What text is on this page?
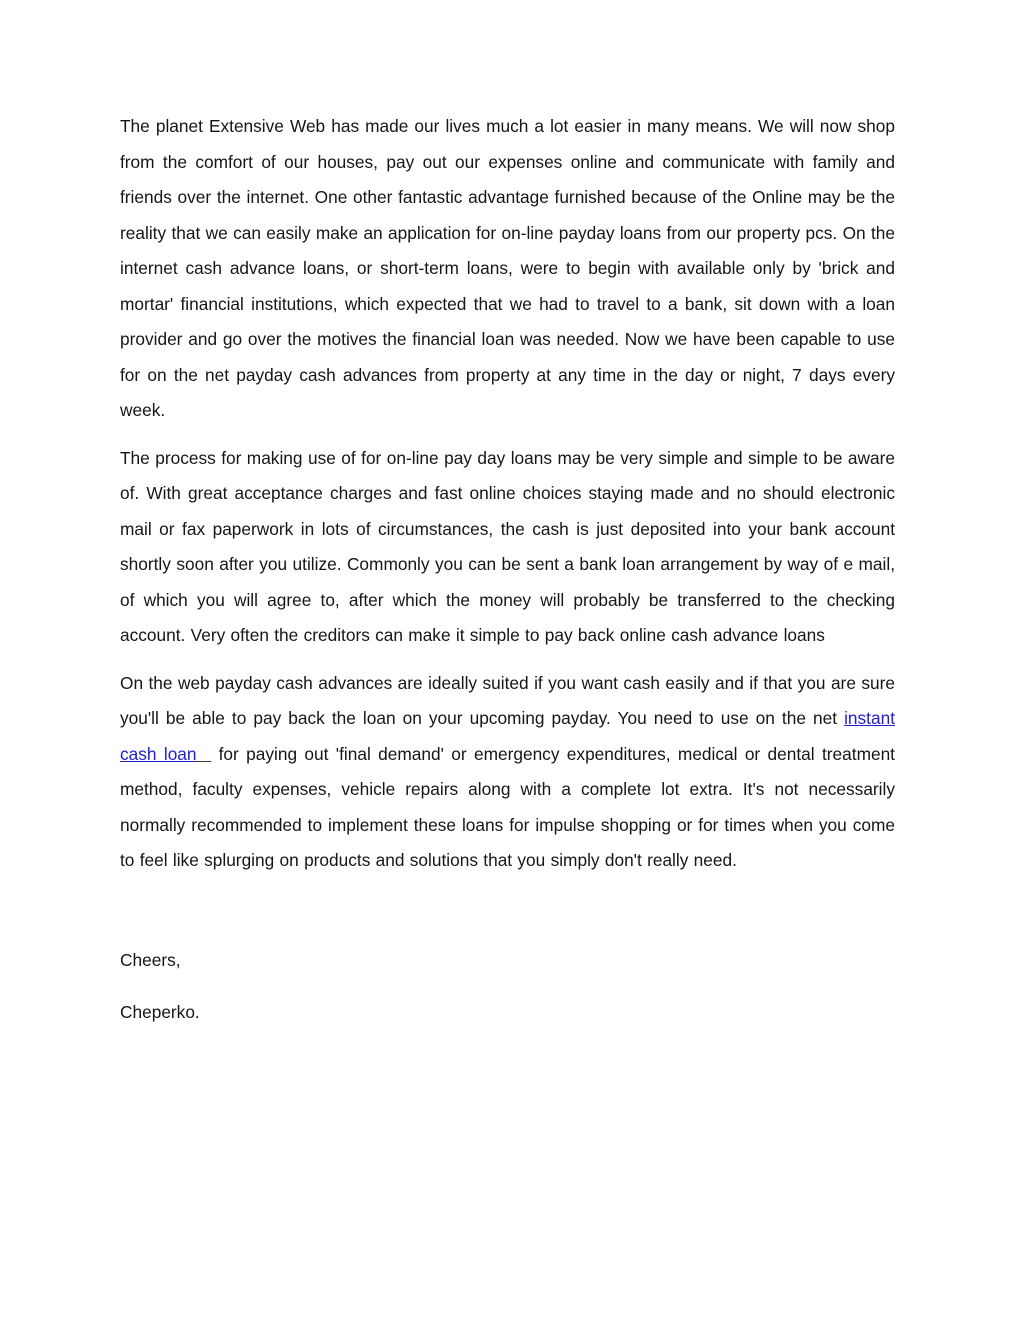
The planet Extensive Web has made our lives much a lot easier in many means. We will now shop from the comfort of our houses, pay out our expenses online and communicate with family and friends over the internet. One other fantastic advantage furnished because of the Online may be the reality that we can easily make an application for on-line payday loans from our property pcs. On the internet cash advance loans, or short-term loans, were to begin with available only by 'brick and mortar' financial institutions, which expected that we had to travel to a bank, sit down with a loan provider and go over the motives the financial loan was needed. Now we have been capable to use for on the net payday cash advances from property at any time in the day or night, 7 days every week.

The process for making use of for on-line pay day loans may be very simple and simple to be aware of. With great acceptance charges and fast online choices staying made and no should electronic mail or fax paperwork in lots of circumstances, the cash is just deposited into your bank account shortly soon after you utilize. Commonly you can be sent a bank loan arrangement by way of e mail, of which you will agree to, after which the money will probably be transferred to the checking account. Very often the creditors can make it simple to pay back online cash advance loans

On the web payday cash advances are ideally suited if you want cash easily and if that you are sure you'll be able to pay back the loan on your upcoming payday. You need to use on the net instant cash loan   for paying out 'final demand' or emergency expenditures, medical or dental treatment method, faculty expenses, vehicle repairs along with a complete lot extra. It's not necessarily normally recommended to implement these loans for impulse shopping or for times when you come to feel like splurging on products and solutions that you simply don't really need.

Cheers,

Cheperko.
